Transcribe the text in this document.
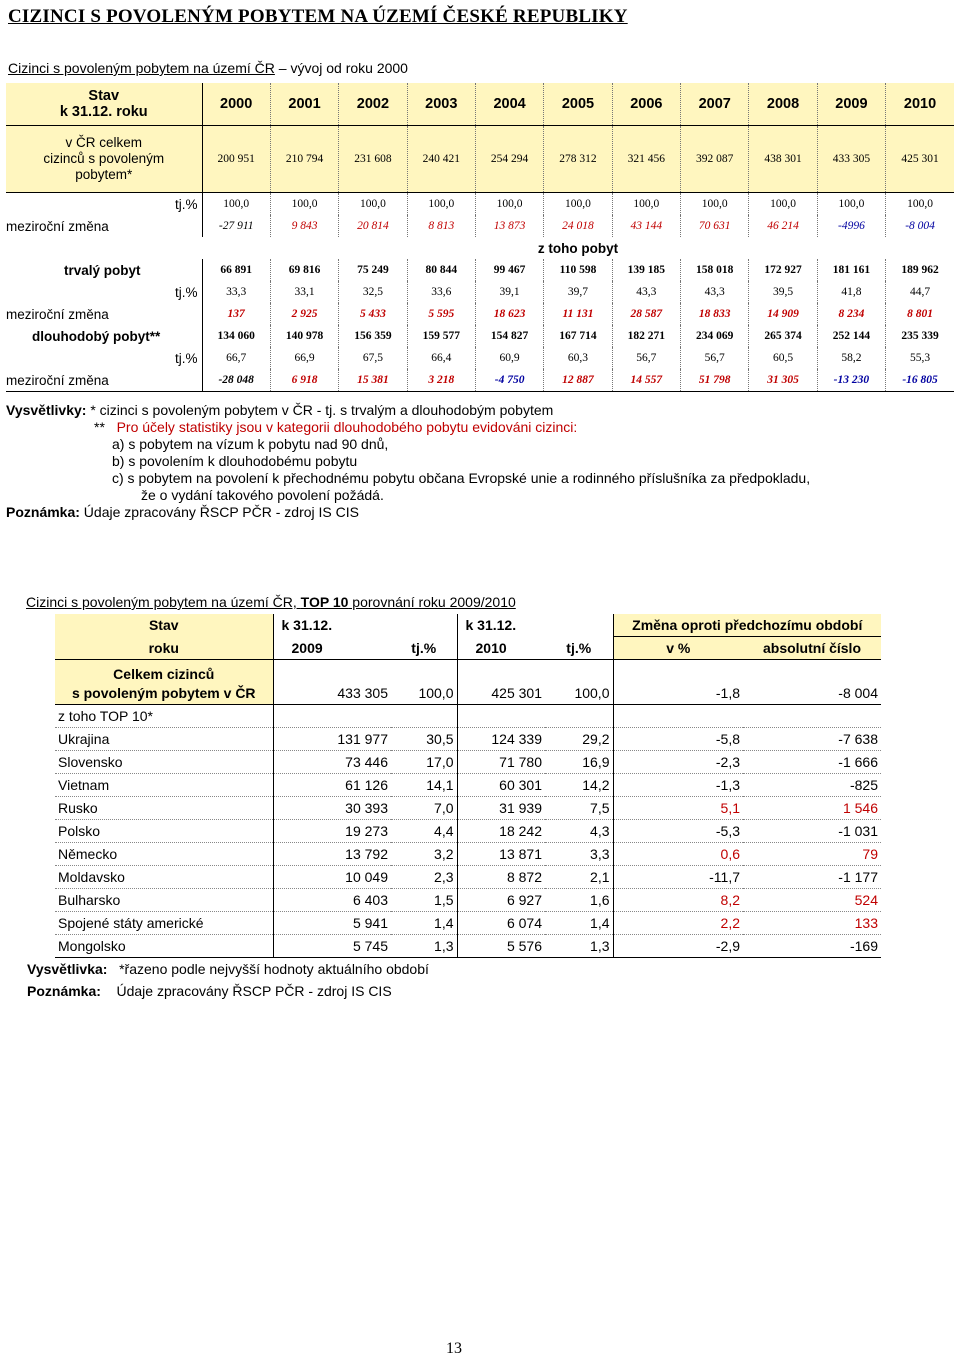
CIZINCI S POVOLENÝM POBYTEM NA ÚZEMÍ ČESKÉ REPUBLIKY
Cizinci s povoleným pobytem na území ČR – vývoj od roku 2000
Stav
k 31.12. roku	2000	2001	2002	2003	2004	2005	2006	2007	2008	2009	2010

v ČR celkem
cizinců s povoleným
pobytem*	200 951	210 794	231 608	240 421	254 294	278 312	321 456	392 087	438 301	433 305	425 301
tj.%	100,0	100,0	100,0	100,0	100,0	100,0	100,0	100,0	100,0	100,0	100,0
meziroční změna	-27 911	9 843	20 814	8 813	13 873	24 018	43 144	70 631	46 214	-4996	-8 004
	z toho pobyt										
trvalý pobyt	66 891	69 816	75 249	80 844	99 467	110 598	139 185	158 018	172 927	181 161	189 962
tj.%	33,3	33,1	32,5	33,6	39,1	39,7	43,3	43,3	39,5	41,8	44,7
meziroční změna	137	2 925	5 433	5 595	18 623	11 131	28 587	18 833	14 909	8 234	8 801
dlouhodobý pobyt**	134 060	140 978	156 359	159 577	154 827	167 714	182 271	234 069	265 374	252 144	235 339
tj.%	66,7	66,9	67,5	66,4	60,9	60,3	56,7	56,7	60,5	58,2	55,3
meziroční změna	-28 048	6 918	15 381	3 218	-4 750	12 887	14 557	51 798	31 305	-13 230	-16 805
Vysvětlivky: * cizinci s povoleným pobytem v ČR - tj. s trvalým a dlouhodobým pobytem
** Pro účely statistiky jsou v kategorii dlouhodobého pobytu evidováni cizinci:
a) s pobytem na vízum k pobytu nad 90 dnů,
b) s povolením k dlouhodobému pobytu
c) s pobytem na povolení k přechodnému pobytu občana Evropské unie a rodinného příslušníka za předpokladu,
že o vydání takového povolení požádá.
Poznámka: Údaje zpracovány ŘSCP PČR - zdroj IS CIS
Cizinci s povoleným pobytem na území ČR, TOP 10 porovnání roku 2009/2010
Stav	k 31.12.		k 31.12.		Změna oproti předchozímu období	
roku	2009	tj.%	2010	tj.%	v %	absolutní číslo
Celkem cizinců						
s povoleným pobytem v ČR	433 305	100,0	425 301	100,0	-1,8	-8 004
z toho TOP 10*						
Ukrajina	131 977	30,5	124 339	29,2	-5,8	-7 638
Slovensko	73 446	17,0	71 780	16,9	-2,3	-1 666
Vietnam	61 126	14,1	60 301	14,2	-1,3	-825
Rusko	30 393	7,0	31 939	7,5	5,1	1 546
Polsko	19 273	4,4	18 242	4,3	-5,3	-1 031
Německo	13 792	3,2	13 871	3,3	0,6	79
Moldavsko	10 049	2,3	8 872	2,1	-11,7	-1 177
Bulharsko	6 403	1,5	6 927	1,6	8,2	524
Spojené státy americké	5 941	1,4	6 074	1,4	2,2	133
Mongolsko	5 745	1,3	5 576	1,3	-2,9	-169
Vysvětlivka: *řazeno podle nejvyšší hodnoty aktuálního období
Poznámka: Údaje zpracovány ŘSCP PČR - zdroj IS CIS
13
